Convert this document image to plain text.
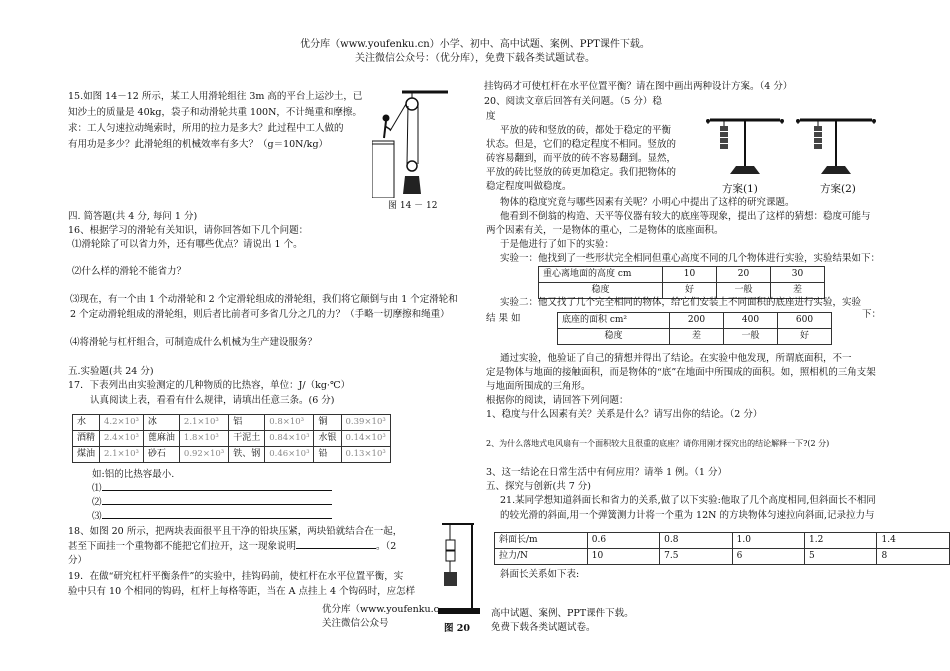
优分库（www.youfenku.cn）小学、初中、高中试题、案例、PPT课件下载。
关注微信公众号：（优分库），免费下载各类试题试卷。

15.如图 14－12 所示，某工人用滑轮组往 3m 高的平台上运沙土，已

知沙土的质量是 40kg，袋子和动滑轮共重 100N，不计绳重和摩擦。

求：工人匀速拉动绳索时，所用的拉力是多大？此过程中工人做的

有用功是多少？此滑轮组的机械效率有多大？（g＝10N/kg）

图 14 － 12

四. 简答题(共 4 分, 每问 1 分)

16、根据学习的滑轮有关知识，请你回答如下几个问题：

⑴滑轮除了可以省力外，还有哪些优点？请说出 1 个。

⑵什么样的滑轮不能省力？

⑶现在，有一个由 1 个动滑轮和 2 个定滑轮组成的滑轮组，我们将它颠倒与由 1 个定滑轮和

2 个定动滑轮组成的滑轮组，则后者比前者可多省几分之几的力？（手略一切摩擦和绳重）

⑷将滑轮与杠杆组合，可制造成什么机械为生产建设服务？

五.实验题(共 24 分)

17．下表列出由实验测定的几种物质的比热容，单位：J/（kg·℃）

认真阅读上表，看看有什么规律，请填出任意三条。(6 分)

水	4.2×10³	冰	2.1×10³	铝	0.8×10³	铜	0.39×10³
酒精	2.4×10³	蓖麻油	1.8×10³	干泥土	0.84×10³	水银	0.14×10³
煤油	2.1×10³	砂石	0.92×10³	铁、钢	0.46×10³	铅	0.13×10³

如:铝的比热容最小.

⑴

⑵

⑶

18、如图 20 所示，把两块表面很平且干净的铅块压紧，两块铅就结合在一起，

甚至下面挂一个重物都不能把它们拉开，这一现象说明	。（2

分）

19．在做“研究杠杆平衡条件”的实验中，挂钩码前，使杠杆在水平位置平衡，实

验中只有 10 个相同的钩码，杠杆上每格等距，当在 A 点挂上 4 个钩码时，应怎样

挂钩码才可使杠杆在水平位置平衡？请在图中画出两种设计方案。（4 分）

20、阅读文章后回答有关问题。（5 分）稳

度

平放的砖和竖放的砖，都处于稳定的平衡

状态。但是，它们的稳定程度不相同。竖放的

砖容易翻到，而平放的砖不容易翻到。显然，

平放的砖比竖放的砖更加稳定。我们把物体的

稳定程度叫做稳度。	方案(1)	方案(2)

物体的稳度究竟与哪些因素有关呢？小明心中提出了这样的研究课题。

他看到不倒翁的构造、天平等仪器有较大的底座等现象，提出了这样的猜想：稳度可能与

两个因素有关，一是物体的重心，二是物体的底座面积。

于是他进行了如下的实验：

实验一：他找到了一些形状完全相同但重心高度不同的几个物体进行实验，实验结果如下：

重心离地面的高度 cm	10	20	30
稳度	好	一般	差

实验二：他又找了几个完全相同的物体，给它们安装上不同面积的底座进行实验，实验

结 果 如	底座的面积 cm²	200	400	600
稳度	差	一般	好

下：

通过实验，他验证了自己的猜想并得出了结论。在实验中他发现，所谓底面积，不一

定是物体与地面的接触面积，而是物体的“底”在地面中所围成的面积。如，照相机的三角支架

与地面所围成的三角形。

根据你的阅读，请回答下列问题：

1、稳度与什么因素有关？关系是什么？请写出你的结论。（2 分）

2、为什么落地式电风扇有一个面积较大且很重的底座？请你用刚才探究出的结论解释一下?(2 分)

3、这一结论在日常生活中有何应用？请举 1 例。（1 分）

五、探究与创新(共 7 分)

21.某同学想知道斜面长和省力的关系,做了以下实验:他取了几个高度相同,但斜面长不相同

的较光滑的斜面,用一个弹簧测力计将一个重为 12N 的方块物体匀速拉向斜面,记录拉力与

斜面长/m	0.6	0.8	1.0	1.2	1.4
拉力/N	10	7.5	6	5	8

斜面长关系如下表:

优分库（www.youfenku.c

关注微信公众号

高中试题、案例、PPT课件下载。

免费下载各类试题试卷。

图 20
